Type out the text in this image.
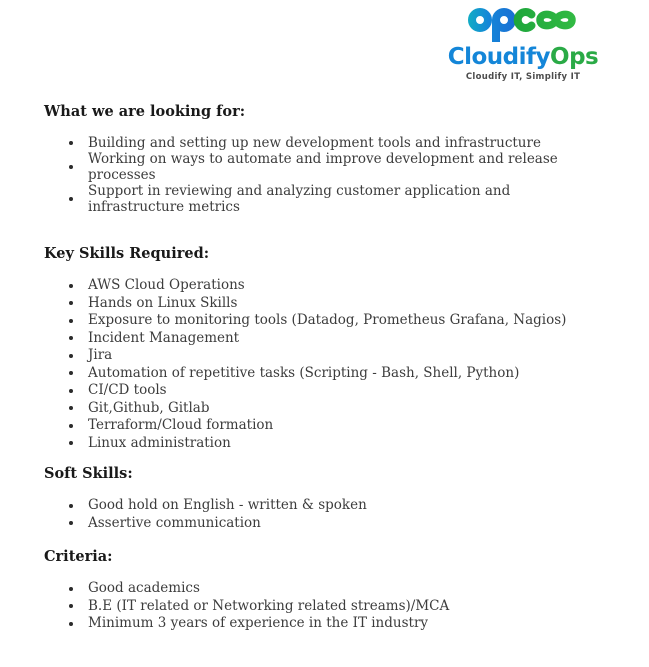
CloudifyOps
Cloudify IT, Simplify IT
What we are looking for:
Building and setting up new development tools and infrastructure
Working on ways to automate and improve development and release processes
Support in reviewing and analyzing customer application and infrastructure metrics
Key Skills Required:
AWS Cloud Operations
Hands on Linux Skills
Exposure to monitoring tools (Datadog, Prometheus Grafana, Nagios)
Incident Management
Jira
Automation of repetitive tasks (Scripting - Bash, Shell, Python)
CI/CD tools
Git,Github, Gitlab
Terraform/Cloud formation
Linux administration
Soft Skills:
Good hold on English - written & spoken
Assertive communication
Criteria:
Good academics
B.E (IT related or Networking related streams)/MCA
Minimum 3 years of experience in the IT industry
